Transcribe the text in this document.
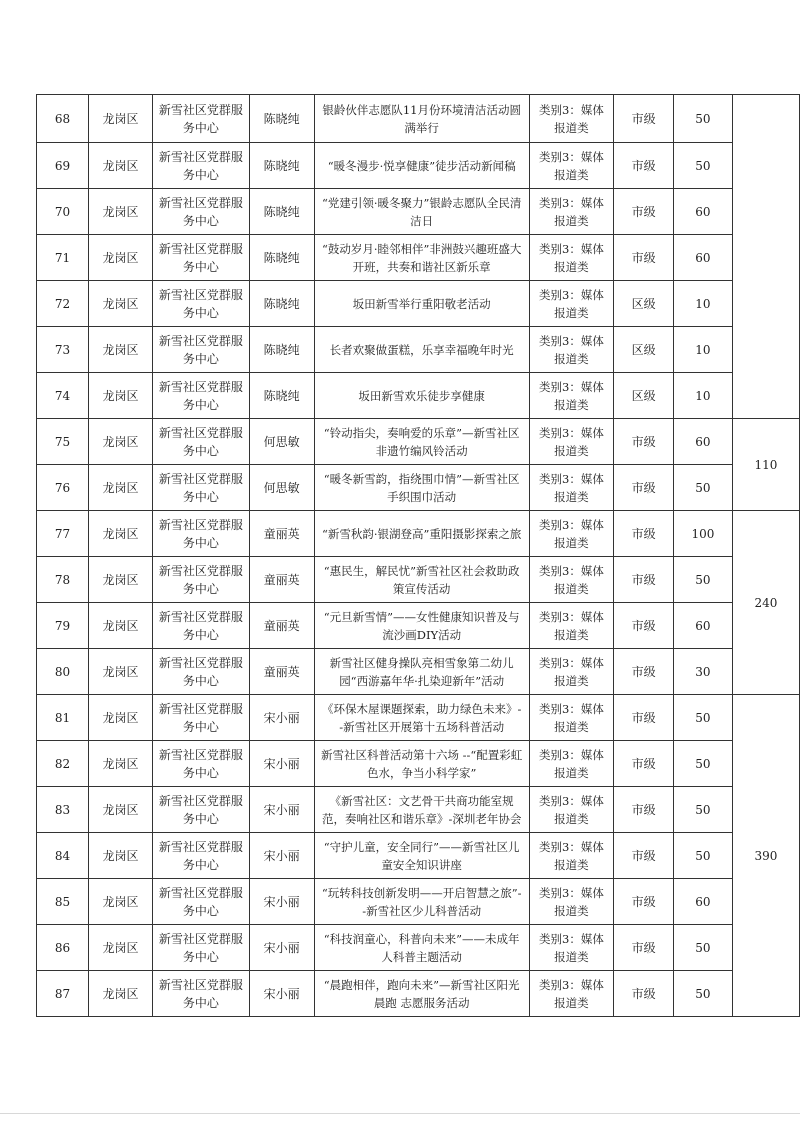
68	龙岗区	新雪社区党群服务中心	陈晓纯	银龄伙伴志愿队11月份环境清洁活动圆满举行	类别3：媒体报道类	市级	50	
69	龙岗区	新雪社区党群服务中心	陈晓纯	“暖冬漫步·悦享健康”徒步活动新闻稿	类别3：媒体报道类	市级	50	
70	龙岗区	新雪社区党群服务中心	陈晓纯	“党建引领·暖冬聚力”银龄志愿队全民清洁日	类别3：媒体报道类	市级	60	
71	龙岗区	新雪社区党群服务中心	陈晓纯	“鼓动岁月·睦邻相伴”非洲鼓兴趣班盛大开班，共奏和谐社区新乐章	类别3：媒体报道类	市级	60	
72	龙岗区	新雪社区党群服务中心	陈晓纯	坂田新雪举行重阳敬老活动	类别3：媒体报道类	区级	10	
73	龙岗区	新雪社区党群服务中心	陈晓纯	长者欢聚做蛋糕，乐享幸福晚年时光	类别3：媒体报道类	区级	10	
74	龙岗区	新雪社区党群服务中心	陈晓纯	坂田新雪欢乐徒步享健康	类别3：媒体报道类	区级	10	
75	龙岗区	新雪社区党群服务中心	何思敏	“铃动指尖，奏响爱的乐章”—新雪社区非遗竹编风铃活动	类别3：媒体报道类	市级	60	110
76	龙岗区	新雪社区党群服务中心	何思敏	“暖冬新雪韵，指绕围巾情”—新雪社区手织围巾活动	类别3：媒体报道类	市级	50	
77	龙岗区	新雪社区党群服务中心	童丽英	“新雪秋韵·银湖登高”重阳摄影探索之旅	类别3：媒体报道类	市级	100	240
78	龙岗区	新雪社区党群服务中心	童丽英	“惠民生，解民忧”新雪社区社会救助政策宣传活动	类别3：媒体报道类	市级	50	
79	龙岗区	新雪社区党群服务中心	童丽英	“元旦新雪情”——女性健康知识普及与流沙画DIY活动	类别3：媒体报道类	市级	60	
80	龙岗区	新雪社区党群服务中心	童丽英	新雪社区健身操队亮相雪象第二幼儿园“西游嘉年华·扎染迎新年”活动	类别3：媒体报道类	市级	30	
81	龙岗区	新雪社区党群服务中心	宋小丽	《环保木屋课题探索，助力绿色未来》--新雪社区开展第十五场科普活动	类别3：媒体报道类	市级	50	390
82	龙岗区	新雪社区党群服务中心	宋小丽	新雪社区科普活动第十六场 --“配置彩虹色水，争当小科学家”	类别3：媒体报道类	市级	50	
83	龙岗区	新雪社区党群服务中心	宋小丽	《新雪社区：文艺骨干共商功能室规范，奏响社区和谐乐章》-深圳老年协会	类别3：媒体报道类	市级	50	
84	龙岗区	新雪社区党群服务中心	宋小丽	“守护儿童，安全同行”——新雪社区儿童安全知识讲座	类别3：媒体报道类	市级	50	
85	龙岗区	新雪社区党群服务中心	宋小丽	“玩转科技创新发明——开启智慧之旅”--新雪社区少儿科普活动	类别3：媒体报道类	市级	60	
86	龙岗区	新雪社区党群服务中心	宋小丽	“科技润童心，科普向未来”——未成年人科普主题活动	类别3：媒体报道类	市级	50	
87	龙岗区	新雪社区党群服务中心	宋小丽	“晨跑相伴，跑向未来”—新雪社区阳光晨跑 志愿服务活动	类别3：媒体报道类	市级	50	
